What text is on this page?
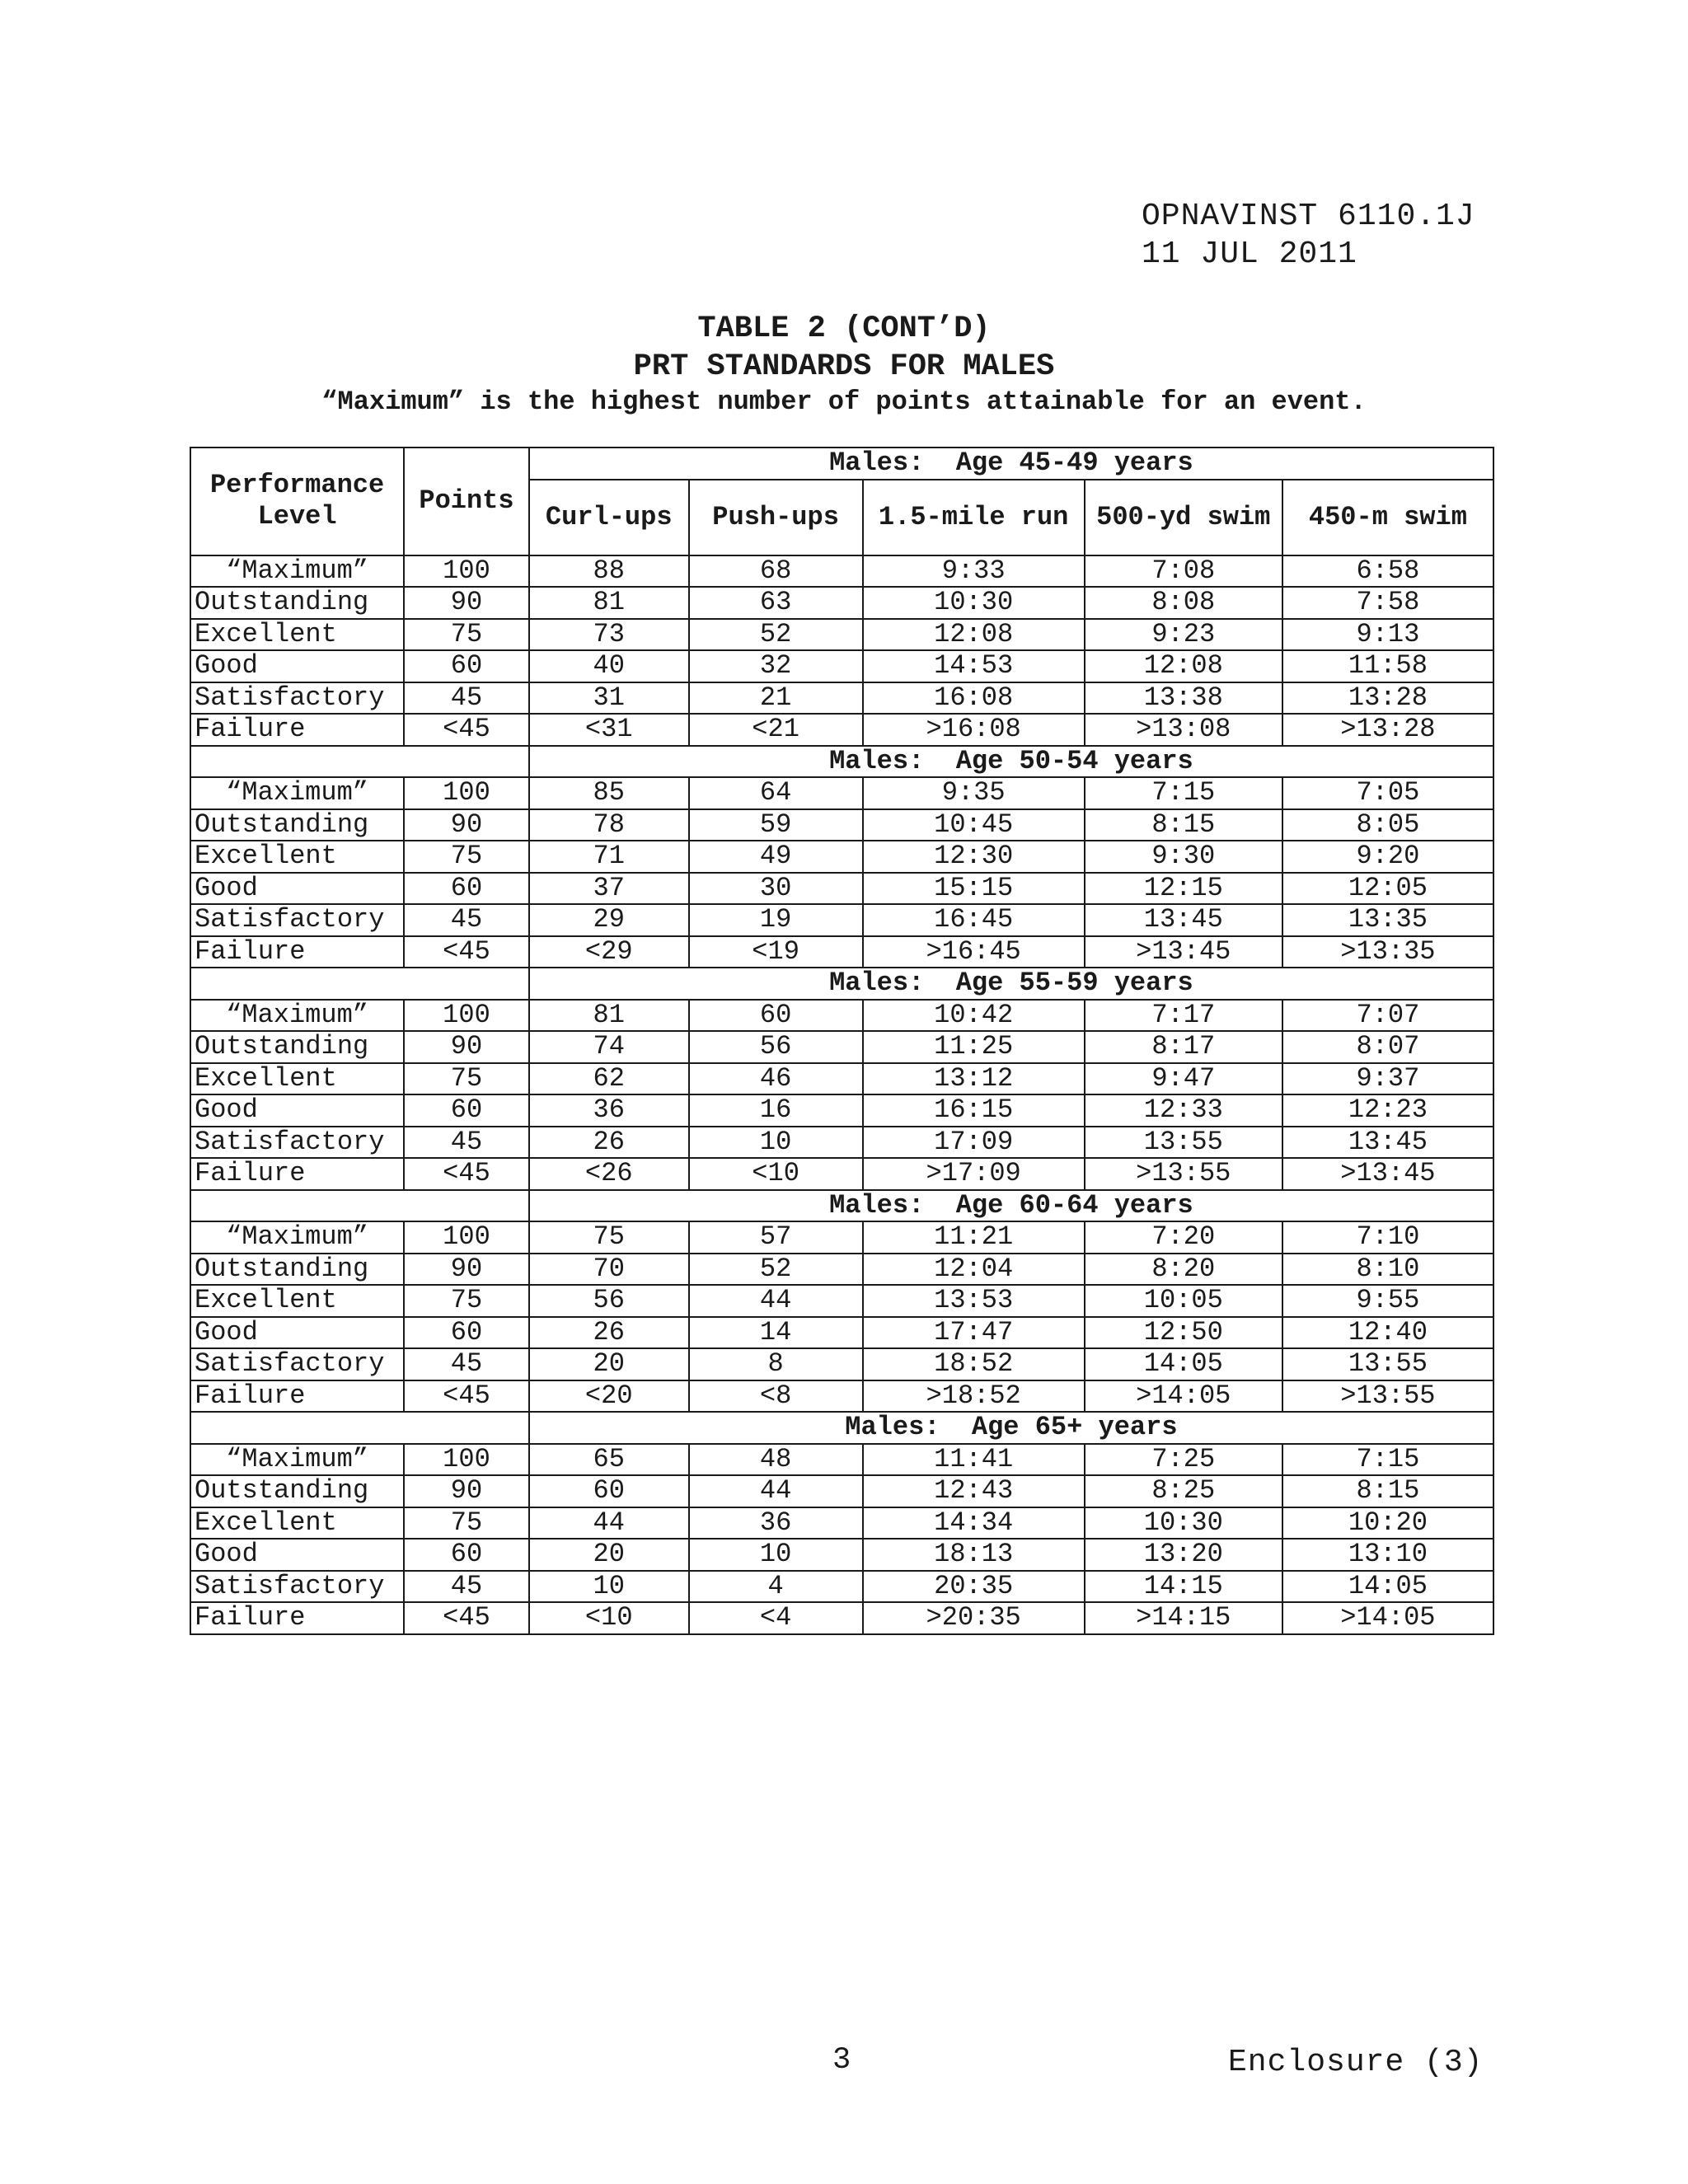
OPNAVINST 6110.1J
11 JUL 2011
TABLE 2 (CONT’D)
PRT STANDARDS FOR MALES
“Maximum” is the highest number of points attainable for an event.
Performance
Level	Points	Males:  Age 45-49 years				
		Curl-ups	Push-ups	1.5-mile run	500-yd swim	450-m swim
“Maximum”	100	88	68	9:33	7:08	6:58
Outstanding	90	81	63	10:30	8:08	7:58
Excellent	75	73	52	12:08	9:23	9:13
Good	60	40	32	14:53	12:08	11:58
Satisfactory	45	31	21	16:08	13:38	13:28
Failure	<45	<31	<21	>16:08	>13:08	>13:28
		Males:  Age 50-54 years				
“Maximum”	100	85	64	9:35	7:15	7:05
Outstanding	90	78	59	10:45	8:15	8:05
Excellent	75	71	49	12:30	9:30	9:20
Good	60	37	30	15:15	12:15	12:05
Satisfactory	45	29	19	16:45	13:45	13:35
Failure	<45	<29	<19	>16:45	>13:45	>13:35
		Males:  Age 55-59 years				
“Maximum”	100	81	60	10:42	7:17	7:07
Outstanding	90	74	56	11:25	8:17	8:07
Excellent	75	62	46	13:12	9:47	9:37
Good	60	36	16	16:15	12:33	12:23
Satisfactory	45	26	10	17:09	13:55	13:45
Failure	<45	<26	<10	>17:09	>13:55	>13:45
		Males:  Age 60-64 years				
“Maximum”	100	75	57	11:21	7:20	7:10
Outstanding	90	70	52	12:04	8:20	8:10
Excellent	75	56	44	13:53	10:05	9:55
Good	60	26	14	17:47	12:50	12:40
Satisfactory	45	20	8	18:52	14:05	13:55
Failure	<45	<20	<8	>18:52	>14:05	>13:55
		Males:  Age 65+ years				
“Maximum”	100	65	48	11:41	7:25	7:15
Outstanding	90	60	44	12:43	8:25	8:15
Excellent	75	44	36	14:34	10:30	10:20
Good	60	20	10	18:13	13:20	13:10
Satisfactory	45	10	4	20:35	14:15	14:05
Failure	<45	<10	<4	>20:35	>14:15	>14:05
3	Enclosure (3)
